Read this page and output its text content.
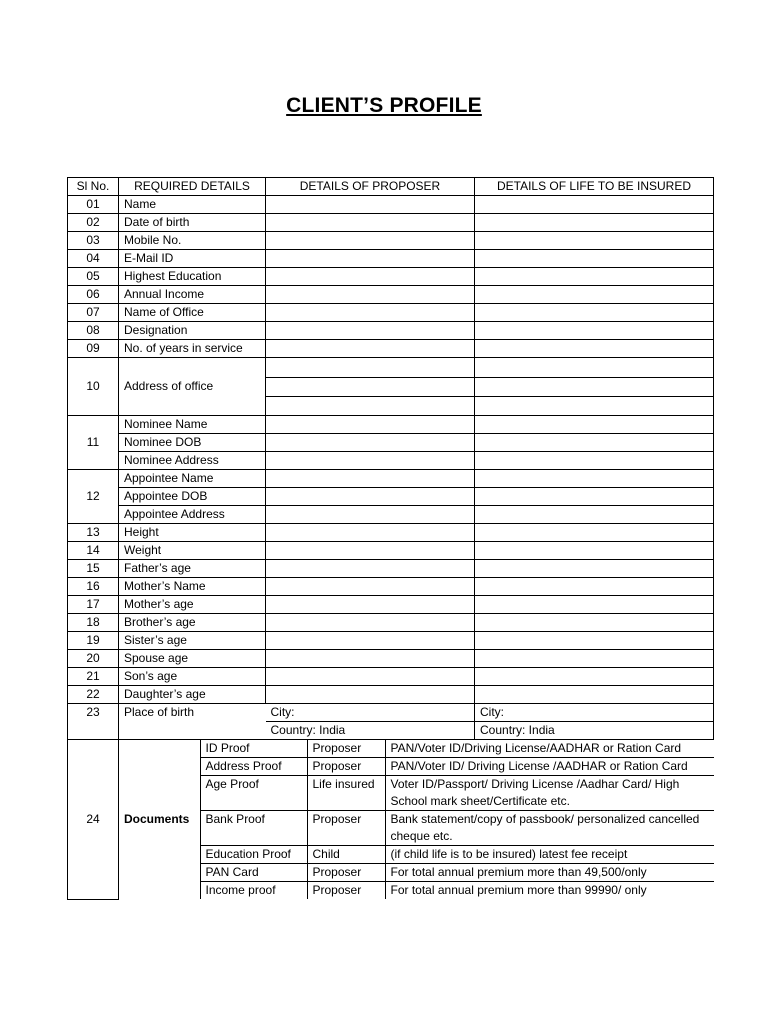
CLIENT’S PROFILE
Sl No.	REQUIRED DETAILS	DETAILS OF PROPOSER	DETAILS OF LIFE TO BE INSURED
01	Name		
02	Date of birth		
03	Mobile No.		
04	E-Mail ID		
05	Highest Education		
06	Annual Income		
07	Name of Office		
08	Designation		
09	No. of years in service		
10	Address of office		

11	Nominee Name		
Nominee DOB		
Nominee Address		
12	Appointee Name		
Appointee DOB		
Appointee Address		
13	Height		
14	Weight		
15	Father’s age		
16	Mother’s Name		
17	Mother’s age		
18	Brother’s age		
19	Sister’s age		
20	Spouse age		
21	Son’s age		
22	Daughter’s age		
23	Place of birth	City:	City:
Country: India	Country: India
24	Documents	ID Proof	Proposer	PAN/Voter ID/Driving License/AADHAR or Ration Card
Address Proof	Proposer	PAN/Voter ID/ Driving License /AADHAR or Ration Card
Age Proof	Life insured	Voter ID/Passport/ Driving License /Aadhar Card/ High School mark sheet/Certificate etc.
Bank Proof	Proposer	Bank statement/copy of passbook/ personalized cancelled cheque etc.
Education Proof	Child	(if child life is to be insured) latest fee receipt
PAN Card	Proposer	For total annual premium more than 49,500/only
Income proof	Proposer	For total annual premium more than 99990/ only
